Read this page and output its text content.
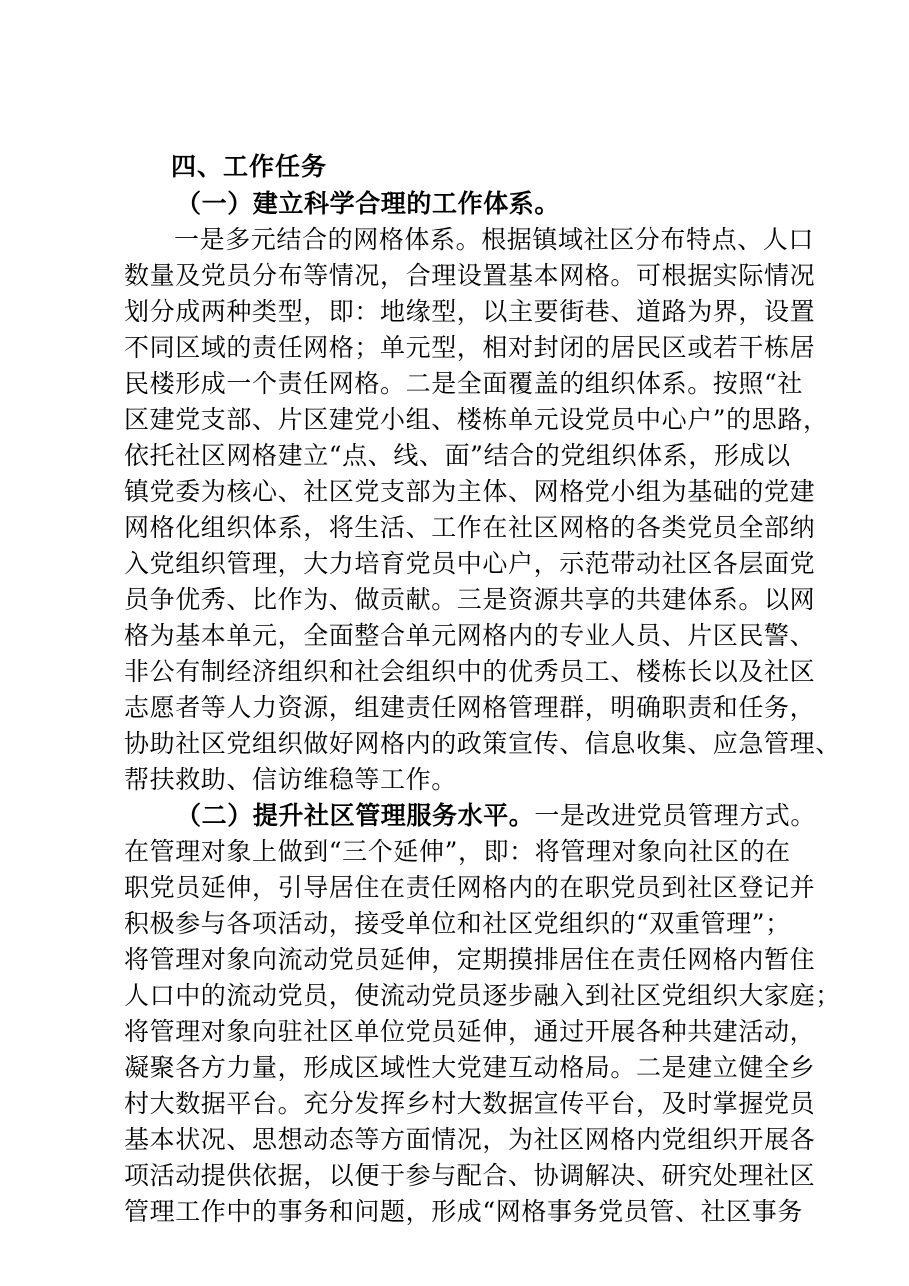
四、工作任务
（一）建立科学合理的工作体系。
一是多元结合的网格体系。根据镇域社区分布特点、人口
数量及党员分布等情况，合理设置基本网格。可根据实际情况
划分成两种类型，即：地缘型，以主要街巷、道路为界，设置
不同区域的责任网格；单元型，相对封闭的居民区或若干栋居
民楼形成一个责任网格。二是全面覆盖的组织体系。按照“社
区建党支部、片区建党小组、楼栋单元设党员中心户”的思路，
依托社区网格建立“点、线、面”结合的党组织体系，形成以
镇党委为核心、社区党支部为主体、网格党小组为基础的党建
网格化组织体系，将生活、工作在社区网格的各类党员全部纳
入党组织管理，大力培育党员中心户，示范带动社区各层面党
员争优秀、比作为、做贡献。三是资源共享的共建体系。以网
格为基本单元，全面整合单元网格内的专业人员、片区民警、
非公有制经济组织和社会组织中的优秀员工、楼栋长以及社区
志愿者等人力资源，组建责任网格管理群，明确职责和任务，
协助社区党组织做好网格内的政策宣传、信息收集、应急管理、
帮扶救助、信访维稳等工作。
（二）提升社区管理服务水平。一是改进党员管理方式。
在管理对象上做到“三个延伸”，即：将管理对象向社区的在
职党员延伸，引导居住在责任网格内的在职党员到社区登记并
积极参与各项活动，接受单位和社区党组织的“双重管理”；
将管理对象向流动党员延伸，定期摸排居住在责任网格内暂住
人口中的流动党员，使流动党员逐步融入到社区党组织大家庭；
将管理对象向驻社区单位党员延伸，通过开展各种共建活动，
凝聚各方力量，形成区域性大党建互动格局。二是建立健全乡
村大数据平台。充分发挥乡村大数据宣传平台，及时掌握党员
基本状况、思想动态等方面情况，为社区网格内党组织开展各
项活动提供依据，以便于参与配合、协调解决、研究处理社区
管理工作中的事务和问题，形成“网格事务党员管、社区事务
